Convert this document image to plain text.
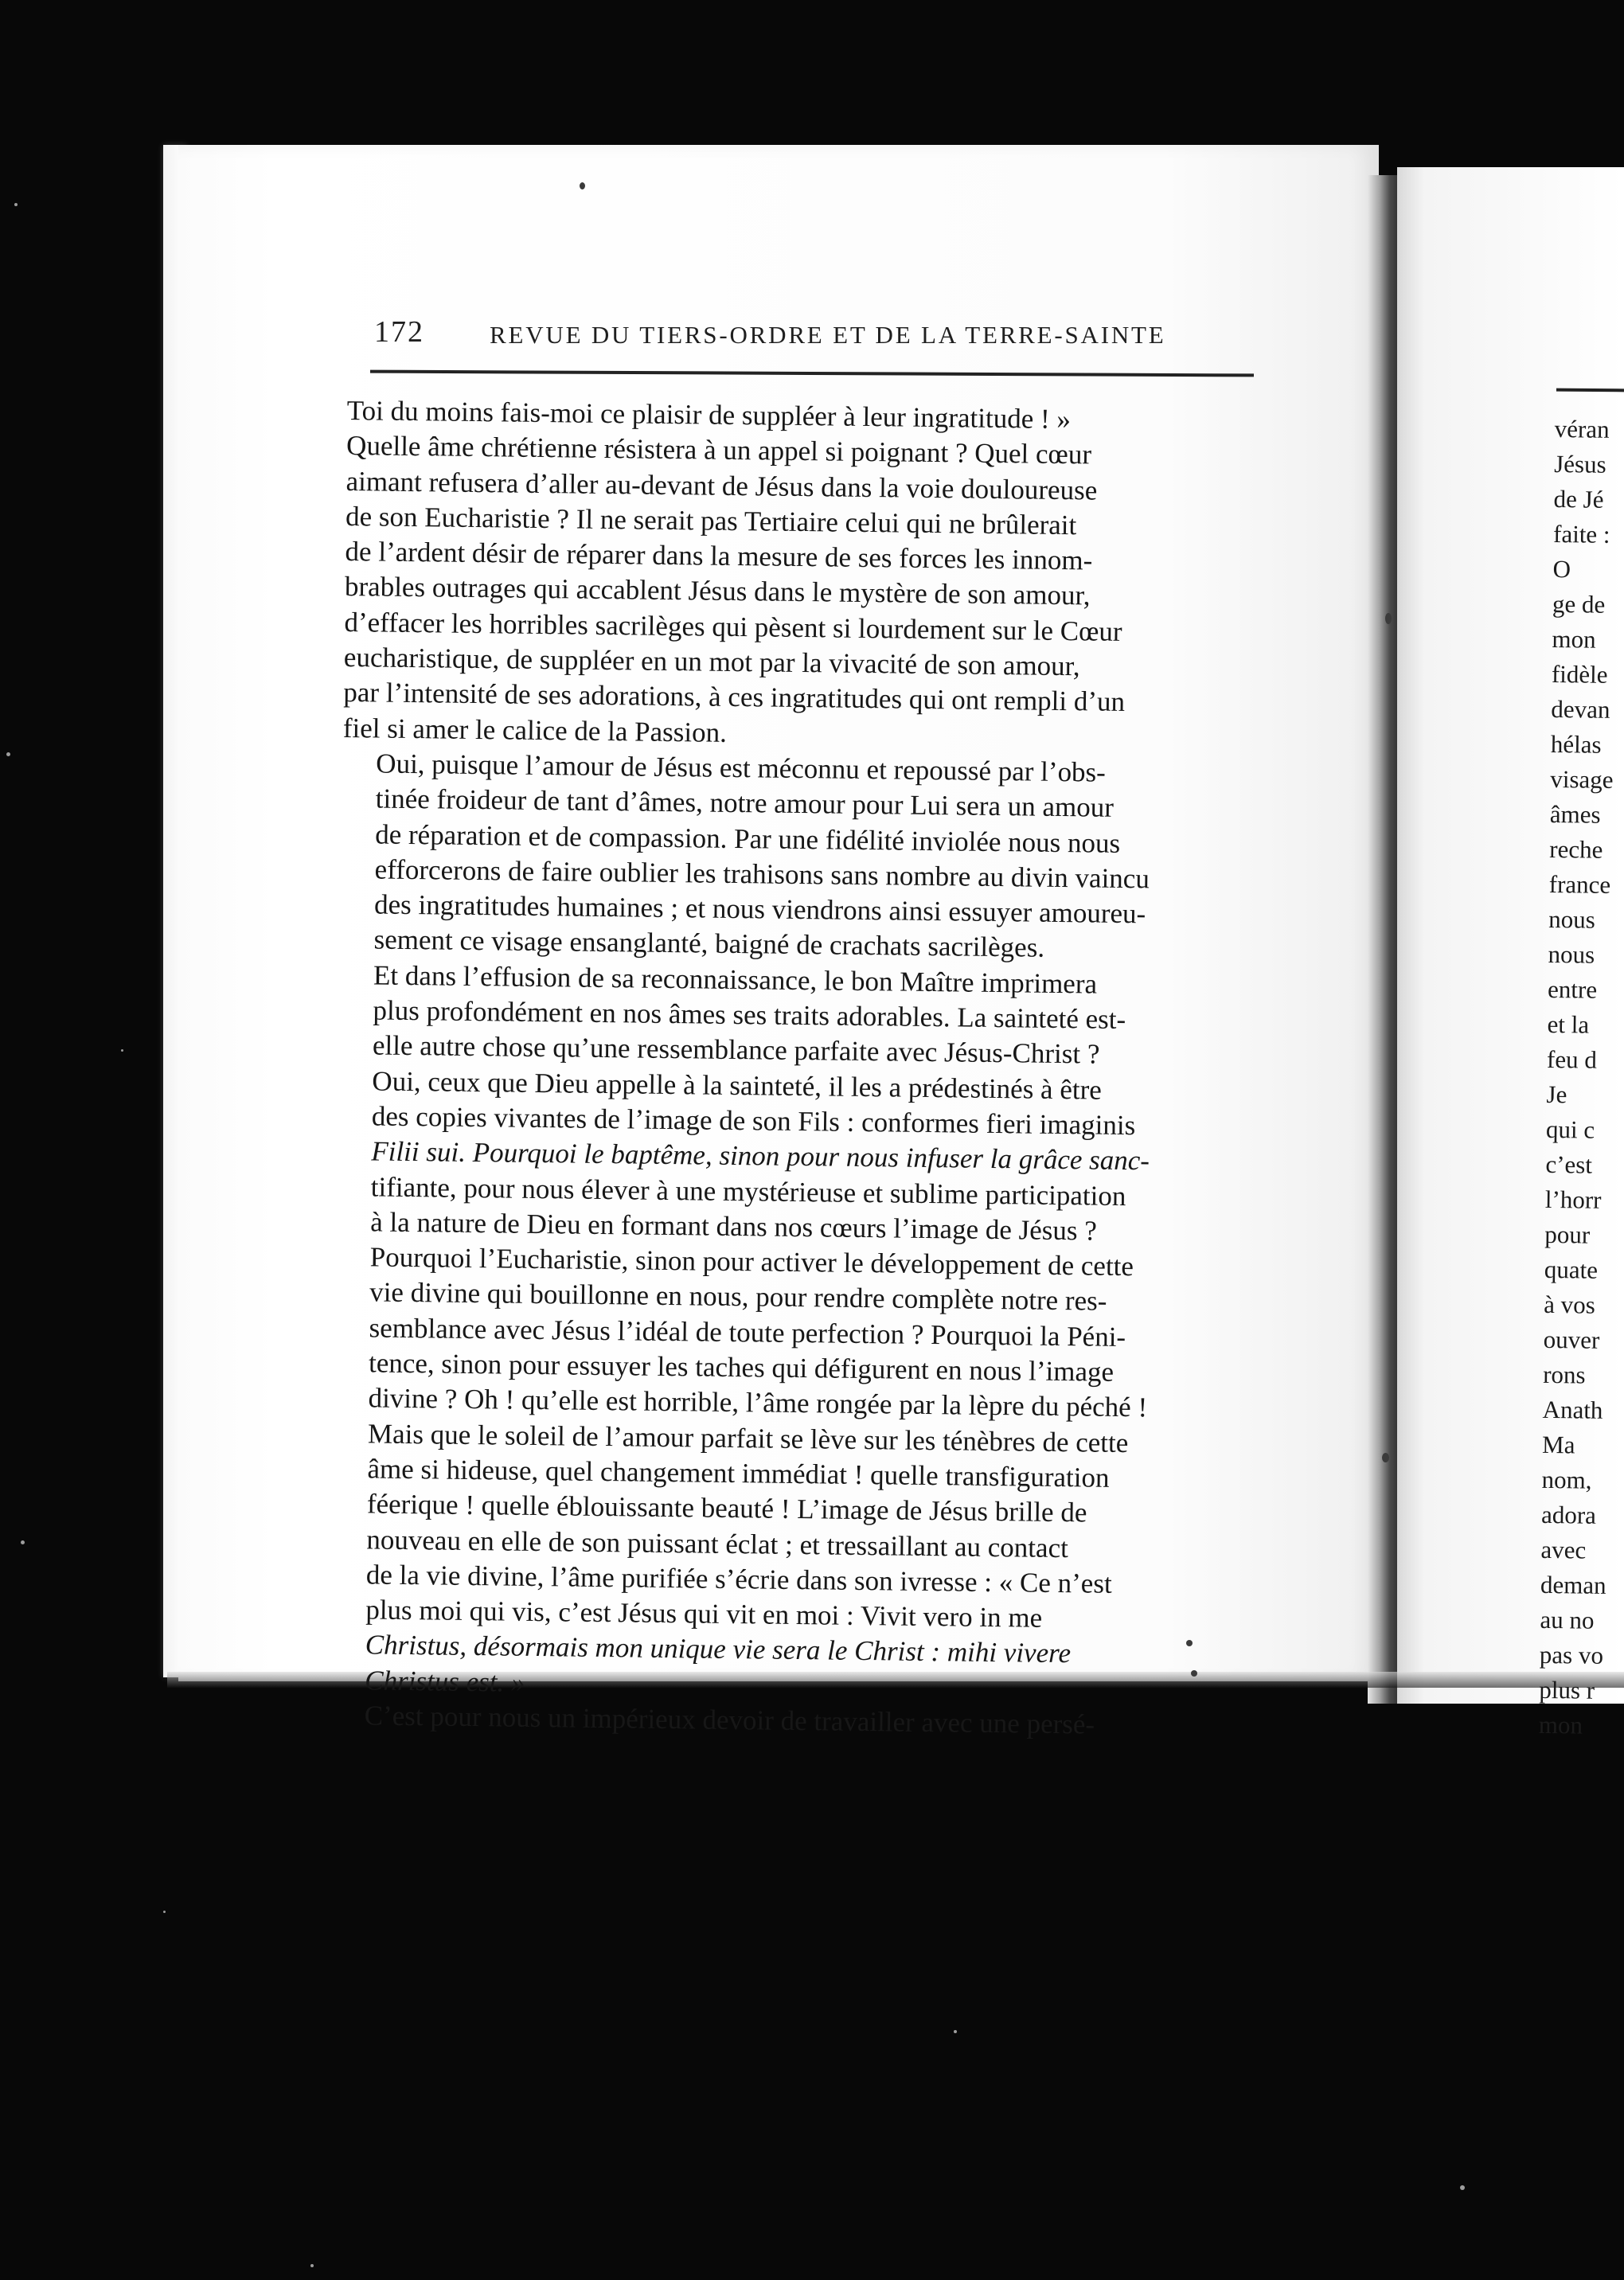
172	REVUE DU TIERS-ORDRE ET DE LA TERRE-SAINTE

Toi du moins fais-moi ce plaisir de suppléer à leur ingratitude ! »
Quelle âme chrétienne résistera à un appel si poignant ? Quel cœur
aimant refusera d’aller au-devant de Jésus dans la voie douloureuse
de son Eucharistie ? Il ne serait pas Tertiaire celui qui ne brûlerait
de l’ardent désir de réparer dans la mesure de ses forces les innom-
brables outrages qui accablent Jésus dans le mystère de son amour,
d’effacer les horribles sacrilèges qui pèsent si lourdement sur le Cœur
eucharistique, de suppléer en un mot par la vivacité de son amour,
par l’intensité de ses adorations, à ces ingratitudes qui ont rempli d’un
fiel si amer le calice de la Passion.

Oui, puisque l’amour de Jésus est méconnu et repoussé par l’obs-
tinée froideur de tant d’âmes, notre amour pour Lui sera un amour
de réparation et de compassion. Par une fidélité inviolée nous nous
efforcerons de faire oublier les trahisons sans nombre au divin vaincu
des ingratitudes humaines ; et nous viendrons ainsi essuyer amoureu-
sement ce visage ensanglanté, baigné de crachats sacrilèges.

Et dans l’effusion de sa reconnaissance, le bon Maître imprimera
plus profondément en nos âmes ses traits adorables. La sainteté est-
elle autre chose qu’une ressemblance parfaite avec Jésus-Christ ?
Oui, ceux que Dieu appelle à la sainteté, il les a prédestinés à être
des copies vivantes de l’image de son Fils : conformes fieri imaginis
Filii sui. Pourquoi le baptême, sinon pour nous infuser la grâce sanc-
tifiante, pour nous élever à une mystérieuse et sublime participation
à la nature de Dieu en formant dans nos cœurs l’image de Jésus ?
Pourquoi l’Eucharistie, sinon pour activer le développement de cette
vie divine qui bouillonne en nous, pour rendre complète notre res-
semblance avec Jésus l’idéal de toute perfection ? Pourquoi la Péni-
tence, sinon pour essuyer les taches qui défigurent en nous l’image
divine ? Oh ! qu’elle est horrible, l’âme rongée par la lèpre du péché !
Mais que le soleil de l’amour parfait se lève sur les ténèbres de cette
âme si hideuse, quel changement immédiat ! quelle transfiguration
féerique ! quelle éblouissante beauté ! L’image de Jésus brille de
nouveau en elle de son puissant éclat ; et tressaillant au contact
de la vie divine, l’âme purifiée s’écrie dans son ivresse : « Ce n’est
plus moi qui vis, c’est Jésus qui vit en moi : Vivit vero in me
Christus, désormais mon unique vie sera le Christ : mihi vivere
Christus est. »

C’est pour nous un impérieux devoir de travailler avec une persé-

véran
Jésus
de Jé
faite :
O
ge de
mon
fidèle
devan
hélas
visage
âmes
reche
france
nous
nous
entre
et la
feu d
Je
qui c
c’est
l’horr
pour
quate
à vos
ouver
rons
Anath
Ma
nom,
adora
avec
deman
au no
pas vo
plus r
mon
